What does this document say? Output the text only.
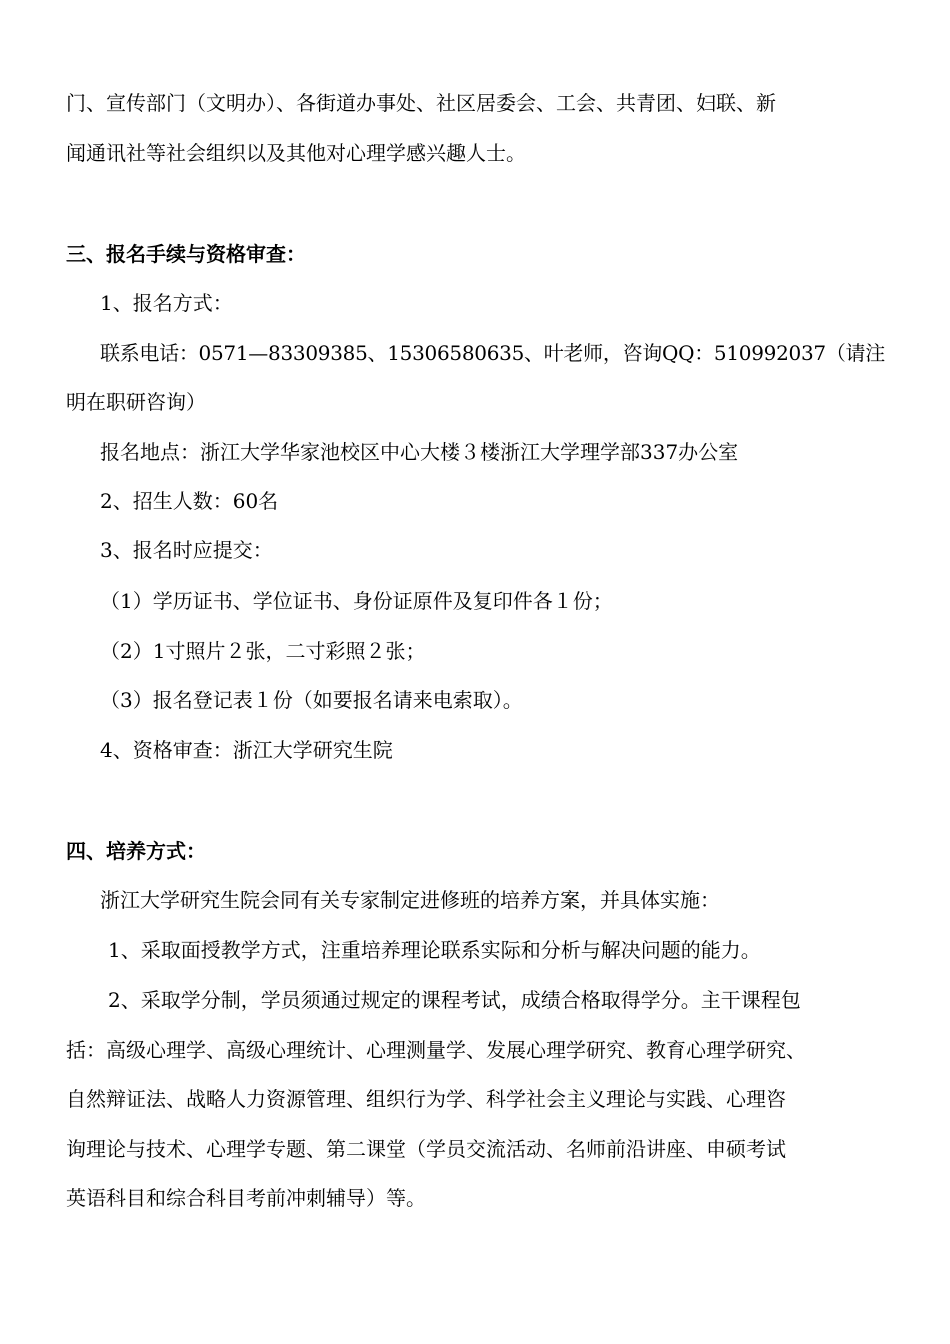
门、宣传部门（文明办）、各街道办事处、社区居委会、工会、共青团、妇联、新
闻通讯社等社会组织以及其他对心理学感兴趣人士。
三、报名手续与资格审查：
1、报名方式：
联系电话：0571—83309385、15306580635、叶老师，咨询QQ：510992037（请注
明在职研咨询）
报名地点：浙江大学华家池校区中心大楼３楼浙江大学理学部337办公室
2、招生人数：60名
3、报名时应提交：
（1）学历证书、学位证书、身份证原件及复印件各１份；
（2）1寸照片２张，二寸彩照２张；
（3）报名登记表１份（如要报名请来电索取）。
4、资格审查：浙江大学研究生院
四、培养方式：
浙江大学研究生院会同有关专家制定进修班的培养方案，并具体实施：
1、采取面授教学方式，注重培养理论联系实际和分析与解决问题的能力。
2、采取学分制，学员须通过规定的课程考试，成绩合格取得学分。主干课程包
括：高级心理学、高级心理统计、心理测量学、发展心理学研究、教育心理学研究、
自然辩证法、战略人力资源管理、组织行为学、科学社会主义理论与实践、心理咨
询理论与技术、心理学专题、第二课堂（学员交流活动、名师前沿讲座、申硕考试
英语科目和综合科目考前冲刺辅导）等。
